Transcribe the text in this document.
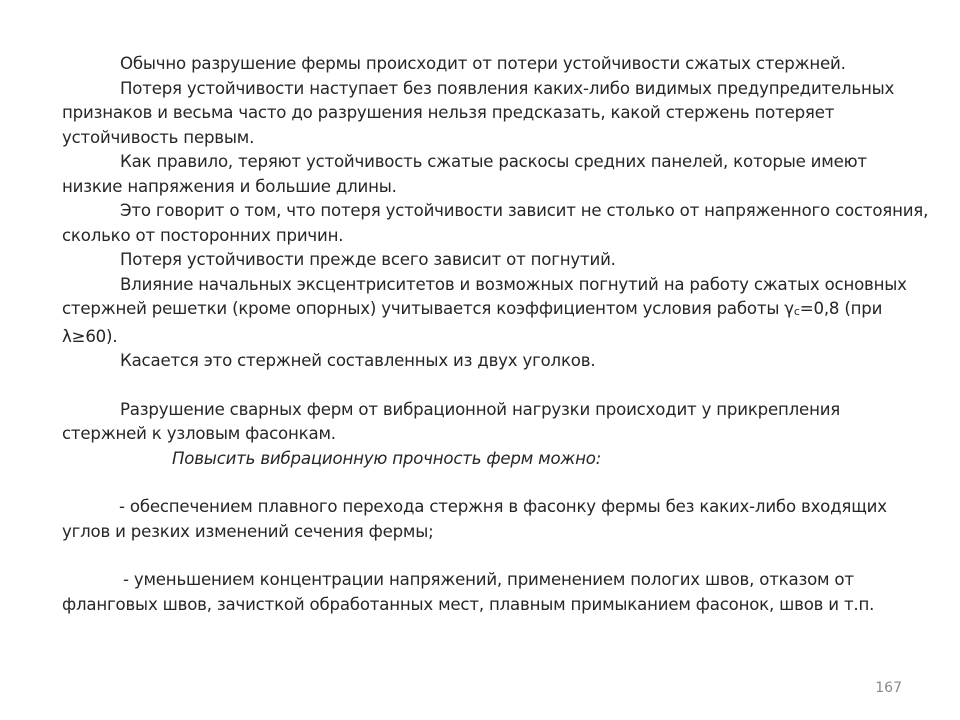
Обычно разрушение фермы происходит от потери устойчивости сжатых стержней.

Потеря устойчивости наступает без появления каких-либо видимых предупредительных

признаков и весьма часто до разрушения нельзя предсказать, какой стержень потеряет

устойчивость первым.

Как правило, теряют устойчивость сжатые раскосы средних панелей, которые имеют

низкие напряжения и большие длины.

Это говорит о том, что потеря устойчивости зависит не столько от напряженного состояния,

сколько от посторонних причин.

Потеря устойчивости прежде всего зависит от погнутий.

Влияние начальных эксцентриситетов и возможных погнутий на работу сжатых основных

стержней решетки (кроме опорных) учитывается коэффициентом условия работы $\gamma_c=0,8$ (при

λ≥60).

Касается это стержней составленных из двух уголков.

Разрушение сварных ферм от вибрационной нагрузки происходит у прикрепления

стержней к узловым фасонкам.

Повысить вибрационную прочность ферм можно:

- обеспечением плавного перехода стержня в фасонку фермы без каких-либо входящих

углов и резких изменений сечения фермы;

- уменьшением концентрации напряжений, применением пологих швов, отказом от

фланговых швов, зачисткой обработанных мест, плавным примыканием фасонок, швов и т.п.

167
